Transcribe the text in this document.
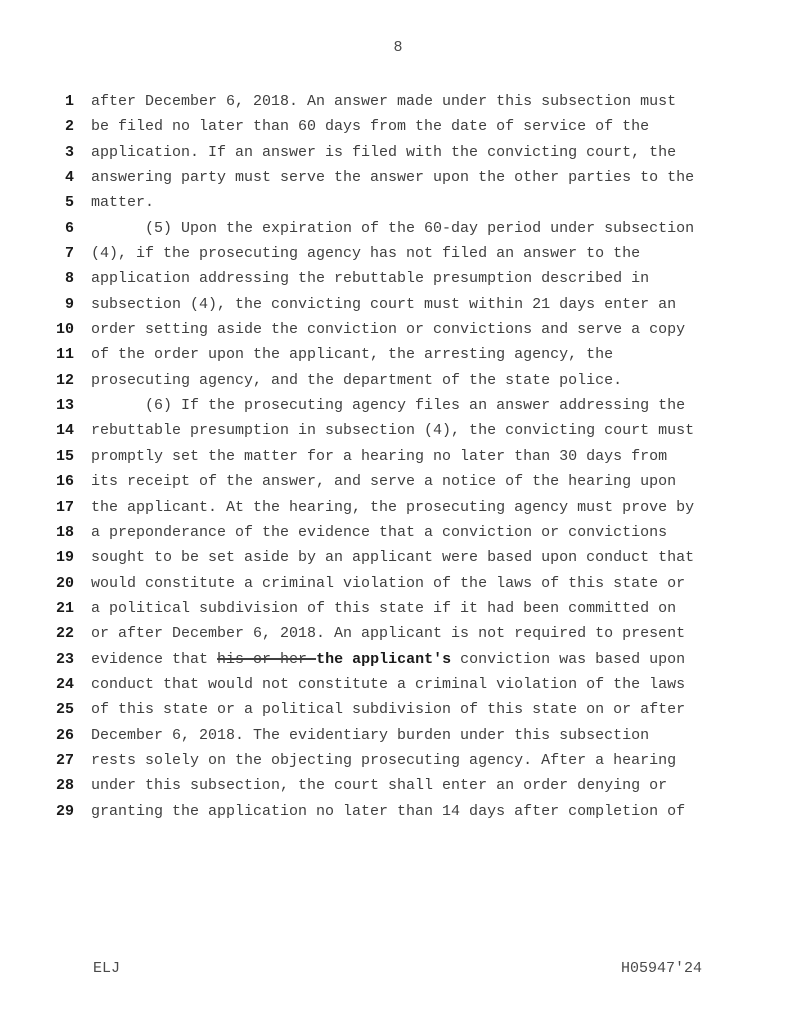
8
1	after December 6, 2018. An answer made under this subsection must
2	be filed no later than 60 days from the date of service of the
3	application. If an answer is filed with the convicting court, the
4	answering party must serve the answer upon the other parties to the
5	matter.
6	(5) Upon the expiration of the 60-day period under subsection
7	(4), if the prosecuting agency has not filed an answer to the
8	application addressing the rebuttable presumption described in
9	subsection (4), the convicting court must within 21 days enter an
10	order setting aside the conviction or convictions and serve a copy
11	of the order upon the applicant, the arresting agency, the
12	prosecuting agency, and the department of the state police.
13	(6) If the prosecuting agency files an answer addressing the
14	rebuttable presumption in subsection (4), the convicting court must
15	promptly set the matter for a hearing no later than 30 days from
16	its receipt of the answer, and serve a notice of the hearing upon
17	the applicant. At the hearing, the prosecuting agency must prove by
18	a preponderance of the evidence that a conviction or convictions
19	sought to be set aside by an applicant were based upon conduct that
20	would constitute a criminal violation of the laws of this state or
21	a political subdivision of this state if it had been committed on
22	or after December 6, 2018. An applicant is not required to present
23	evidence that his or her the applicant's conviction was based upon
24	conduct that would not constitute a criminal violation of the laws
25	of this state or a political subdivision of this state on or after
26	December 6, 2018. The evidentiary burden under this subsection
27	rests solely on the objecting prosecuting agency. After a hearing
28	under this subsection, the court shall enter an order denying or
29	granting the application no later than 14 days after completion of
ELJ	H05947'24
